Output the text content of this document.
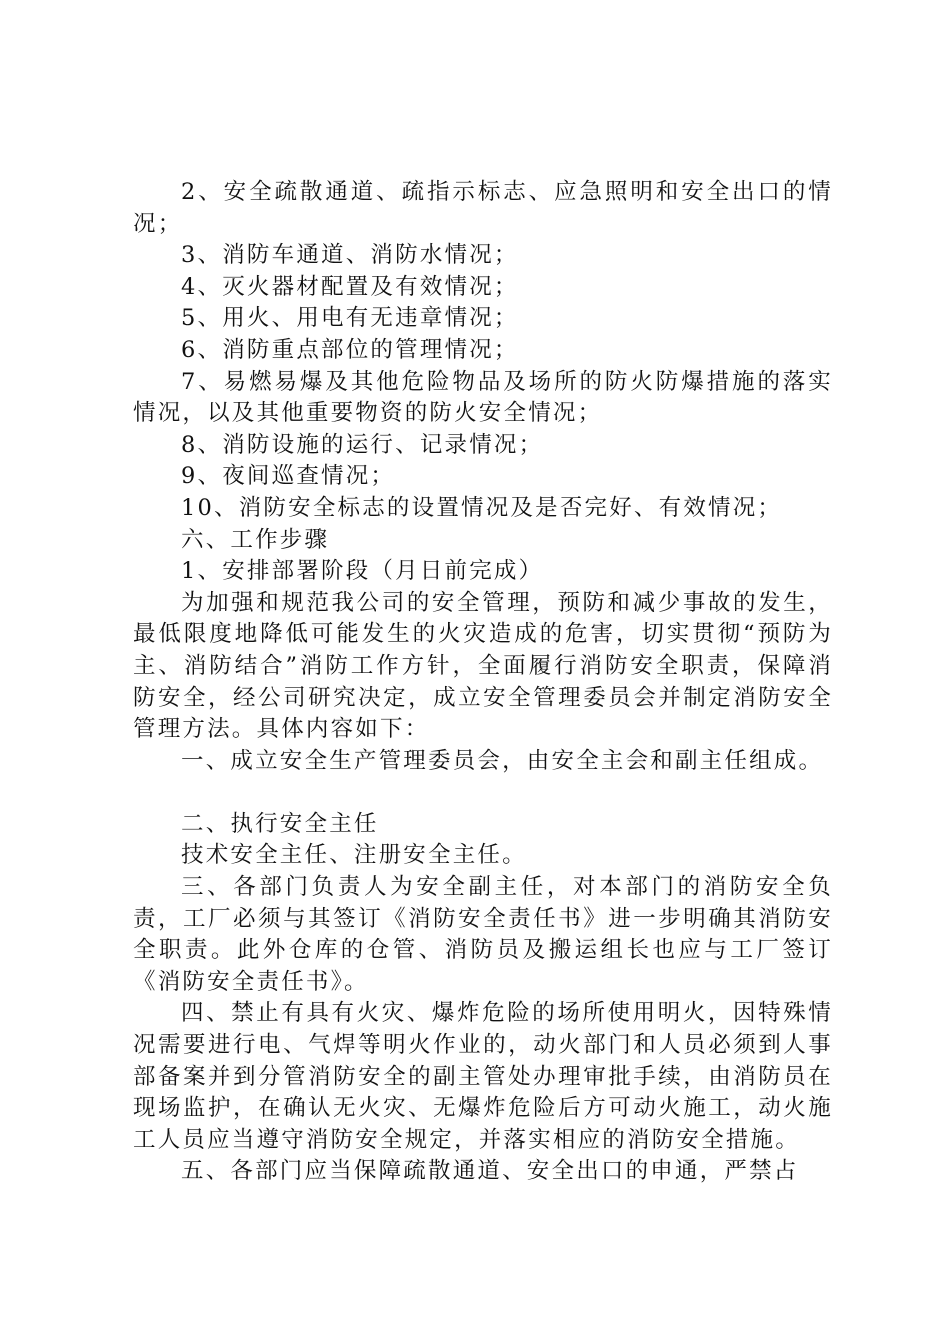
2、安全疏散通道、疏指示标志、应急照明和安全出口的情况；

3、消防车通道、消防水情况；

4、灭火器材配置及有效情况；

5、用火、用电有无违章情况；

6、消防重点部位的管理情况；

7、易燃易爆及其他危险物品及场所的防火防爆措施的落实情况，以及其他重要物资的防火安全情况；

8、消防设施的运行、记录情况；

9、夜间巡查情况；

10、消防安全标志的设置情况及是否完好、有效情况；

六、工作步骤

1、安排部署阶段（月日前完成）

为加强和规范我公司的安全管理，预防和减少事故的发生，最低限度地降低可能发生的火灾造成的危害，切实贯彻“预防为主、消防结合”消防工作方针，全面履行消防安全职责，保障消防安全，经公司研究决定，成立安全管理委员会并制定消防安全管理方法。具体内容如下：

一、成立安全生产管理委员会，由安全主会和副主任组成。

二、执行安全主任

技术安全主任、注册安全主任。

三、各部门负责人为安全副主任，对本部门的消防安全负责，工厂必须与其签订《消防安全责任书》进一步明确其消防安全职责。此外仓库的仓管、消防员及搬运组长也应与工厂签订《消防安全责任书》。

四、禁止有具有火灾、爆炸危险的场所使用明火，因特殊情况需要进行电、气焊等明火作业的，动火部门和人员必须到人事部备案并到分管消防安全的副主管处办理审批手续，由消防员在现场监护，在确认无火灾、无爆炸危险后方可动火施工，动火施工人员应当遵守消防安全规定，并落实相应的消防安全措施。

五、各部门应当保障疏散通道、安全出口的申通，严禁占
